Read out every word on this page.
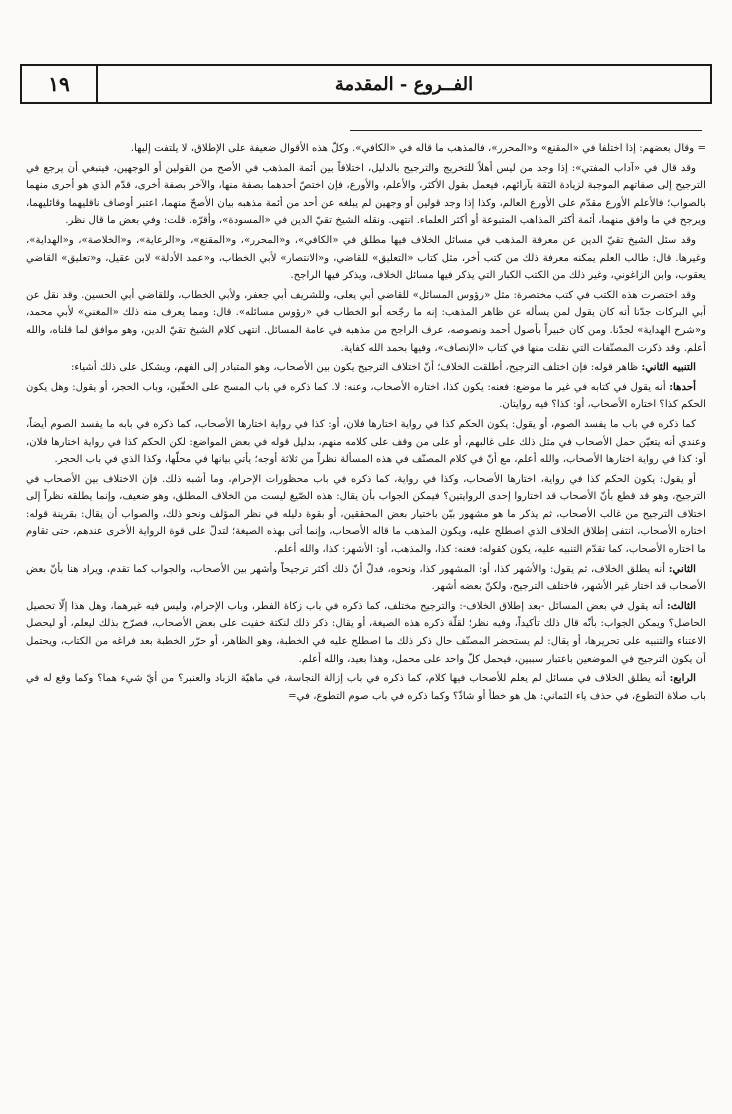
١٩	الفــروع - المقدمة

= وقال بعضهم: إذا اختلفا في «المقنع» و«المحرر»، فالمذهب ما قاله في «الكافي». وكلّ هذه الأقوال ضعيفة على الإطلاق، لا يلتفت إليها.

وقد قال في «آداب المفتي»: إذا وجد من ليس أهلاً للتخريج والترجيح بالدليل، اختلافاً بين أئمة المذهب في الأصح من القولين أو الوجهين، فينبغي أن يرجع في الترجيح إلى صفاتهم الموجبة لزيادة الثقة بآرائهم، فيعمل بقول الأكثر، والأعلم، والأورع، فإن اختصّ أحدهما بصفة منها، والآخر بصفة أخرى، قدّم الذي هو أحرى منهما بالصواب؛ فالأعلم الأورع مقدّم على الأورع العالم، وكذا إذا وجد قولين أو وجهين لم يبلغه عن أحد من أئمة مذهبه بيان الأصحّ منهما، اعتبر أوصاف ناقليهما وقائليهما، ويرجح في ما وافق منهما، أئمة أكثر المذاهب المتبوعة أو أكثر العلماء. انتهى. ونقله الشيخ تقيّ الدين في «المسودة»، وأقرّه. قلت: وفي بعض ما قال نظر.

وقد سئل الشيخ تقيّ الدين عن معرفة المذهب في مسائل الخلاف فيها مطلق في «الكافي»، و«المحرر»، و«المقنع»، و«الرعاية»، و«الخلاصة»، و«الهداية»، وغيرها. قال: طالب العلم يمكنه معرفة ذلك من كتب أخر، مثل كتاب «التعليق» للقاضي، و«الانتصار» لأبي الخطاب، و«عمد الأدلة» لابن عقيل، و«تعليق» القاضي يعقوب، وابن الزاغوني، وغير ذلك من الكتب الكبار التي يذكر فيها مسائل الخلاف، ويذكر فيها الراجح.

وقد اختصرت هذه الكتب في كتب مختصرة: مثل «رؤوس المسائل» للقاضي أبي يعلى، وللشريف أبي جعفر، ولأبي الخطاب، وللقاضي أبي الحسين. وقد نقل عن أبي البركات جدّنا أنه كان يقول لمن يسأله عن ظاهر المذهب: إنه ما رجّحه أبو الخطاب في «رؤوس مسائله». قال: ومما يعرف منه ذلك «المغني» لأبي محمد، و«شرح الهداية» لجدّنا. ومن كان خبيراً بأصول أحمد ونصوصه، عرف الراجح من مذهبه في عامة المسائل. انتهى كلام الشيخ تقيّ الدين، وهو موافق لما قلناه، والله أعلم. وقد ذكرت المصنّفات التي نقلت منها في كتاب «الإنصاف»، وفيها بحمد الله كفاية.

التنبيه الثاني: ظاهر قوله: فإن اختلف الترجيح، أطلقت الخلاف؛ أنّ اختلاف الترجيح يكون بين الأصحاب، وهو المتبادر إلى الفهم، ويشكل على ذلك أشياء:

أحدها: أنه يقول في كتابه في غير ما موضع: فعنه: يكون كذا، اختاره الأصحاب، وعنه: لا. كما ذكره في باب المسح على الخفّين، وباب الحجر، أو يقول: وهل يكون الحكم كذا؟ اختاره الأصحاب، أو: كذا؟ فيه روايتان.

كما ذكره في باب ما يفسد الصوم، أو يقول: يكون الحكم كذا في رواية اختارها فلان، أو: كذا في رواية اختارها الأصحاب، كما ذكره في بابه ما يفسد الصوم أيضاً، وعندي أنه يتعيّن حمل الأصحاب في مثل ذلك على غالبهم، أو على من وقف على كلامه منهم، بدليل قوله في بعض المواضع: لكن الحكم كذا في رواية اختارها فلان، أو: كذا في رواية اختارها الأصحاب، والله أعلم، مع أنّ في كلام المصنّف في هذه المسألة نظراً من ثلاثة أوجه؛ يأتي بيانها في محلّها، وكذا الذي في باب الحجر.

أو يقول: يكون الحكم كذا في رواية، اختارها الأصحاب، وكذا في رواية، كما ذكره في باب محظورات الإحرام، وما أشبه ذلك. فإن الاختلاف بين الأصحاب في الترجيح، وهو قد قطع بأنّ الأصحاب قد اختاروا إحدى الروايتين؟ فيمكن الجواب بأن يقال: هذه الصّيغ ليست من الخلاف المطلق، وهو ضعيف، وإنما يطلقه نظراً إلى اختلاف الترجيح من غالب الأصحاب، ثم يذكر ما هو مشهور بيّن باختيار بعض المحققين، أو بقوة دليله في نظر المؤلف ونحو ذلك، والصواب أن يقال: بقرينة قوله: اختاره الأصحاب، انتفى إطلاق الخلاف الذي اصطلح عليه، ويكون المذهب ما قاله الأصحاب، وإنما أتى بهذه الصيغة؛ لتدلّ على قوة الرواية الأخرى عندهم، حتى تقاوم ما اختاره الأصحاب، كما تقدّم التنبيه عليه، يكون كقوله: فعنه: كذا، والمذهب، أو: الأشهر: كذا، والله أعلم.

الثاني: أنه يطلق الخلاف، ثم يقول: والأشهر كذا، أو: المشهور كذا، ونحوه، فدلّ أنّ ذلك أكثر ترجيحاً وأشهر بين الأصحاب، والجواب كما تقدم، ويراد هنا بأنّ بعض الأصحاب قد اختار غير الأشهر، فاختلف الترجيح، ولكنّ بعضه أشهر.

الثالث: أنه يقول في بعض المسائل -بعد إطلاق الخلاف-: والترجيح مختلف، كما ذكره في باب زكاة الفطر، وباب الإحرام، وليس فيه غيرهما، وهل هذا إلّا تحصيل الحاصل؟ ويمكن الجواب: بأنّه قال ذلك تأكيداً، وفيه نظر؛ لقلّة ذكره هذه الصيغة، أو يقال: ذكر ذلك لنكتة خفيت على بعض الأصحاب، فصرّح بذلك ليعلم، أو ليحصل الاعتناء والتنبيه على تحريرها، أو يقال: لم يستحضر المصنّف حال ذكر ذلك ما اصطلح عليه في الخطبة، وهو الظاهر، أو حرّر الخطبة بعد فراغه من الكتاب، ويحتمل أن يكون الترجيح في الموضعين باعتبار سببين، فيحمل كلّ واحد على محمل، وهذا بعيد، والله أعلم.

الرابع: أنه يطلق الخلاف في مسائل لم يعلم للأصحاب فيها كلام، كما ذكره في باب إزالة النجاسة، في ماهيّة الزباد والعنبر؟ من أيّ شيء هما؟ وكما وقع له في باب صلاة التطوع، في حذف ياء الثماني: هل هو خطأ أو شاذّ؟ وكما ذكره في باب صوم التطوع، في=
